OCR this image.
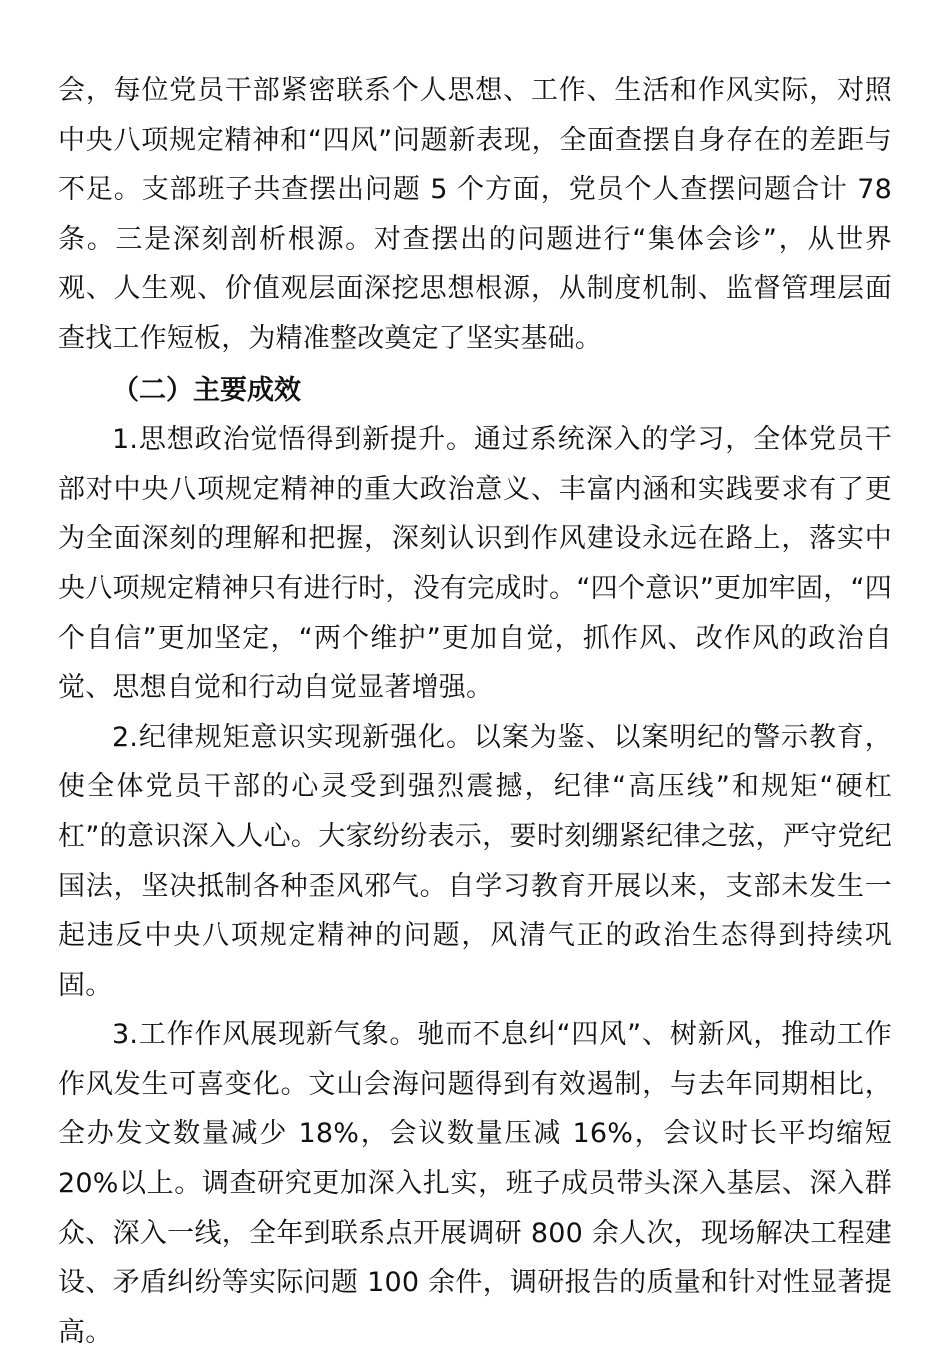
会，每位党员干部紧密联系个人思想、工作、生活和作风实际，对照中央八项规定精神和“四风”问题新表现，全面查摆自身存在的差距与不足。支部班子共查摆出问题 5 个方面，党员个人查摆问题合计 78 条。三是深刻剖析根源。对查摆出的问题进行“集体会诊”，从世界观、人生观、价值观层面深挖思想根源，从制度机制、监督管理层面查找工作短板，为精准整改奠定了坚实基础。

（二）主要成效

1.思想政治觉悟得到新提升。通过系统深入的学习，全体党员干部对中央八项规定精神的重大政治意义、丰富内涵和实践要求有了更为全面深刻的理解和把握，深刻认识到作风建设永远在路上，落实中央八项规定精神只有进行时，没有完成时。“四个意识”更加牢固，“四个自信”更加坚定，“两个维护”更加自觉，抓作风、改作风的政治自觉、思想自觉和行动自觉显著增强。

2.纪律规矩意识实现新强化。以案为鉴、以案明纪的警示教育，使全体党员干部的心灵受到强烈震撼，纪律“高压线”和规矩“硬杠杠”的意识深入人心。大家纷纷表示，要时刻绷紧纪律之弦，严守党纪国法，坚决抵制各种歪风邪气。自学习教育开展以来，支部未发生一起违反中央八项规定精神的问题，风清气正的政治生态得到持续巩固。

3.工作作风展现新气象。驰而不息纠“四风”、树新风，推动工作作风发生可喜变化。文山会海问题得到有效遏制，与去年同期相比，全办发文数量减少 18%，会议数量压减 16%，会议时长平均缩短 20%以上。调查研究更加深入扎实，班子成员带头深入基层、深入群众、深入一线，全年到联系点开展调研 800 余人次，现场解决工程建设、矛盾纠纷等实际问题 100 余件，调研报告的质量和针对性显著提高。
